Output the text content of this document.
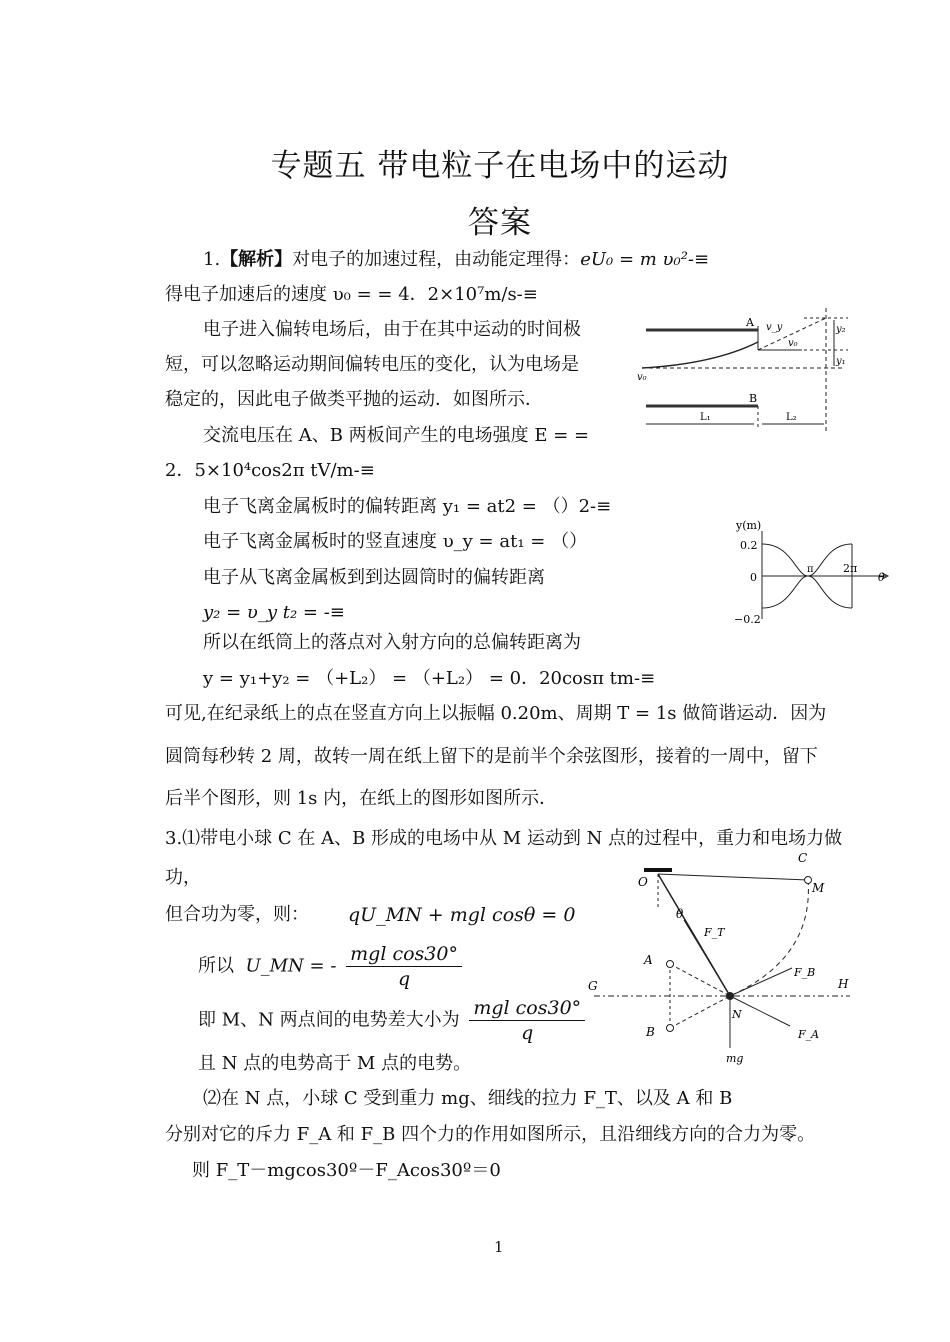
专题五 带电粒子在电场中的运动
答案
1.【解析】对电子的加速过程，由动能定理得：eU₀ = m υ₀²-≡
得电子加速后的速度 υ₀ = = 4．2×10⁷m/s-≡
电子进入偏转电场后，由于在其中运动的时间极
短，可以忽略运动期间偏转电压的变化，认为电场是
稳定的，因此电子做类平抛的运动．如图所示．
交流电压在 A、B 两板间产生的电场强度 E = =
2．5×10⁴cos2π tV/m-≡
电子飞离金属板时的偏转距离 y₁ = at2 = （）2-≡
电子飞离金属板时的竖直速度 υ_y = at₁ = （）
电子从飞离金属板到到达圆筒时的偏转距离
y₂ = υ_y t₂ = -≡
所以在纸筒上的落点对入射方向的总偏转距离为
y = y₁+y₂ = （+L₂） = （+L₂） = 0．20cosπ tm-≡
可见,在纪录纸上的点在竖直方向上以振幅 0.20m、周期 T = 1s 做简谐运动．因为
圆筒每秒转 2 周，故转一周在纸上留下的是前半个余弦图形，接着的一周中，留下
后半个图形，则 1s 内，在纸上的图形如图所示．
3.⑴带电小球 C 在 A、B 形成的电场中从 M 运动到 N 点的过程中，重力和电场力做
功，
但合功为零，则： qU_MN + mgl cosθ = 0
所以 U_MN = - $\frac{\text{mgl cos30°}}{q}$
即 M、N 两点间的电势差大小为 $\frac{\text{mgl cos30°}}{q}$
且 N 点的电势高于 M 点的电势。
⑵在 N 点，小球 C 受到重力 mg、细线的拉力 F_T、以及 A 和 B
分别对它的斥力 F_A 和 F_B 四个力的作用如图所示，且沿细线方向的合力为零。
则 F_T－mgcos30º－F_Acos30º＝0
1
A
B
v_y
v₀
v₀
y₂
y₁
L₁	L₂
y(m)
0.2
0
−0.2
π	2π
θ
C
O	M
θ
F_T
A
F_B
G	H
B
N
F_A
mg
